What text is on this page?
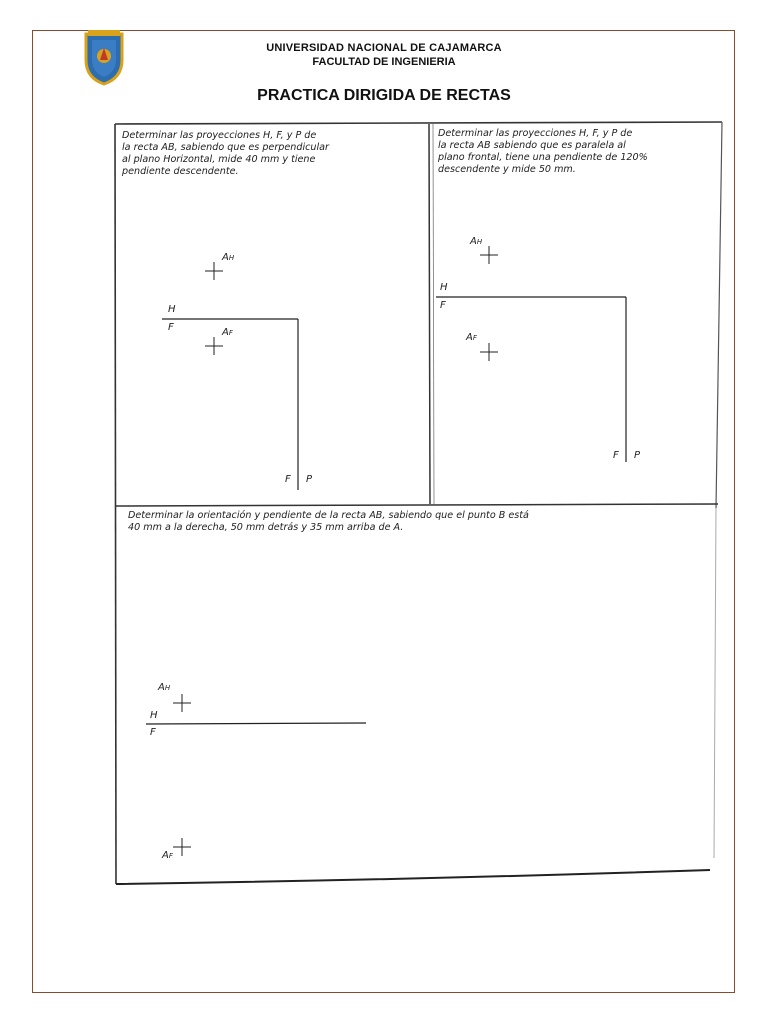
UNIVERSIDAD NACIONAL DE CAJAMARCA
FACULTAD DE INGENIERIA
PRACTICA DIRIGIDA DE RECTAS
Determinar las proyecciones H, F, y P de
la recta AB, sabiendo que es perpendicular
al plano Horizontal, mide 40 mm y tiene
pendiente descendente.
AH
H
F	AF
F P
Determinar las proyecciones H, F, y P de
la recta AB sabiendo que es paralela al
plano frontal, tiene una pendiente de 120%
descendente y mide 50 mm.
AH
H
F
AF
F P
Determinar la orientación y pendiente de la recta AB, sabiendo que el punto B está
40 mm a la derecha, 50 mm detrás y 35 mm arriba de A.
AH
H
F
AF
